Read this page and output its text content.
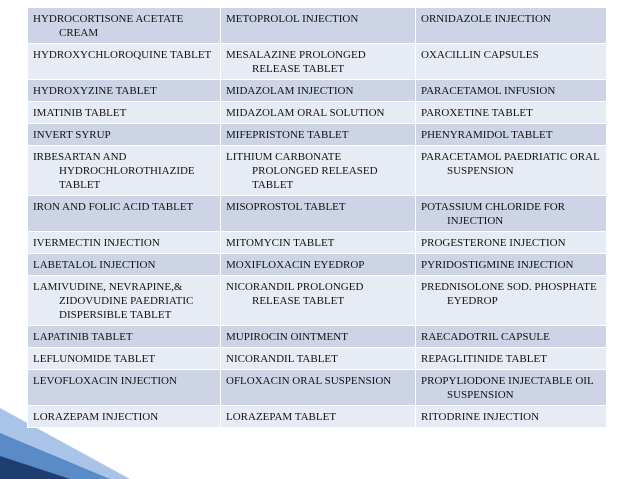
HYDROCORTISONE ACETATE CREAM	METOPROLOL INJECTION	ORNIDAZOLE INJECTION

HYDROXYCHLOROQUINE TABLET	MESALAZINE PROLONGED RELEASE TABLET	OXACILLIN CAPSULES

HYDROXYZINE TABLET	MIDAZOLAM INJECTION	PARACETAMOL INFUSION

IMATINIB TABLET	MIDAZOLAM ORAL SOLUTION	PAROXETINE TABLET

INVERT SYRUP	MIFEPRISTONE TABLET	PHENYRAMIDOL TABLET

IRBESARTAN AND HYDROCHLOROTHIAZIDE TABLET	LITHIUM CARBONATE PROLONGED RELEASED TABLET	PARACETAMOL PAEDRIATIC ORAL SUSPENSION

IRON AND FOLIC ACID TABLET	MISOPROSTOL TABLET	POTASSIUM CHLORIDE FOR INJECTION

IVERMECTIN INJECTION	MITOMYCIN TABLET	PROGESTERONE INJECTION

LABETALOL INJECTION	MOXIFLOXACIN EYEDROP	PYRIDOSTIGMINE INJECTION

LAMIVUDINE, NEVRAPINE,& ZIDOVUDINE PAEDRIATIC DISPERSIBLE TABLET	NICORANDIL PROLONGED RELEASE TABLET	PREDNISOLONE SOD. PHOSPHATE EYEDROP

LAPATINIB TABLET	MUPIROCIN OINTMENT	RAECADOTRIL CAPSULE

LEFLUNOMIDE TABLET	NICORANDIL TABLET	REPAGLITINIDE TABLET

LEVOFLOXACIN INJECTION	OFLOXACIN ORAL SUSPENSION	PROPYLIODONE INJECTABLE OIL SUSPENSION

LORAZEPAM INJECTION	LORAZEPAM TABLET	RITODRINE INJECTION
